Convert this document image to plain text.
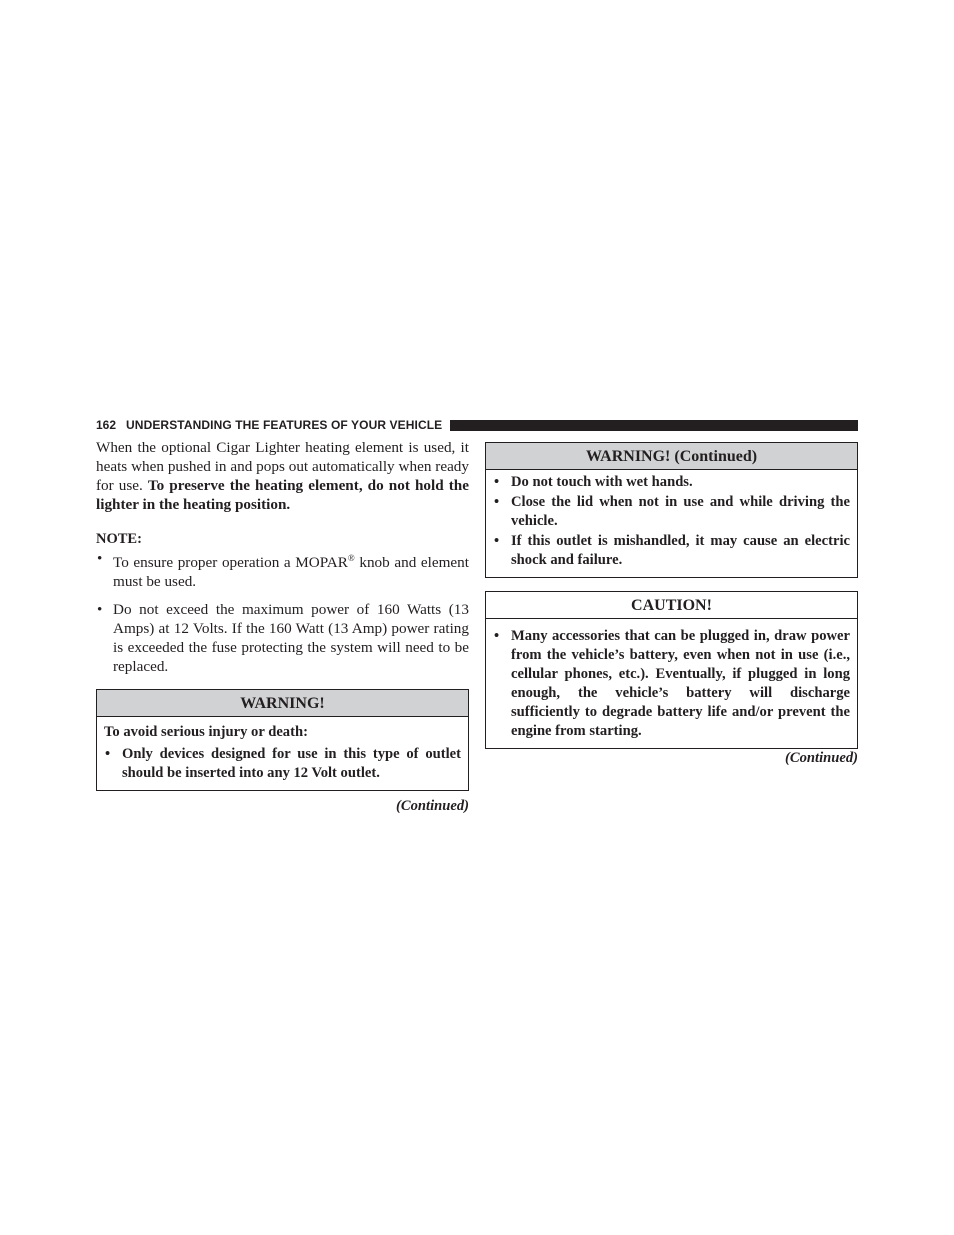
162 UNDERSTANDING THE FEATURES OF YOUR VEHICLE

When the optional Cigar Lighter heating element is used, it heats when pushed in and pops out automatically when ready for use. To preserve the heating element, do not hold the lighter in the heating position.

NOTE:

• To ensure proper operation a MOPAR® knob and element must be used.
• Do not exceed the maximum power of 160 Watts (13 Amps) at 12 Volts. If the 160 Watt (13 Amp) power rating is exceeded the fuse protecting the system will need to be replaced.
WARNING!

To avoid serious injury or death:

• Only devices designed for use in this type of outlet should be inserted into any 12 Volt outlet.

(Continued)

WARNING! (Continued)
• Do not touch with wet hands.
• Close the lid when not in use and while driving the vehicle.
• If this outlet is mishandled, it may cause an electric shock and failure.
CAUTION!
• Many accessories that can be plugged in, draw power from the vehicle’s battery, even when not in use (i.e., cellular phones, etc.). Eventually, if plugged in long enough, the vehicle’s battery will discharge sufficiently to degrade battery life and/or prevent the engine from starting.

(Continued)
